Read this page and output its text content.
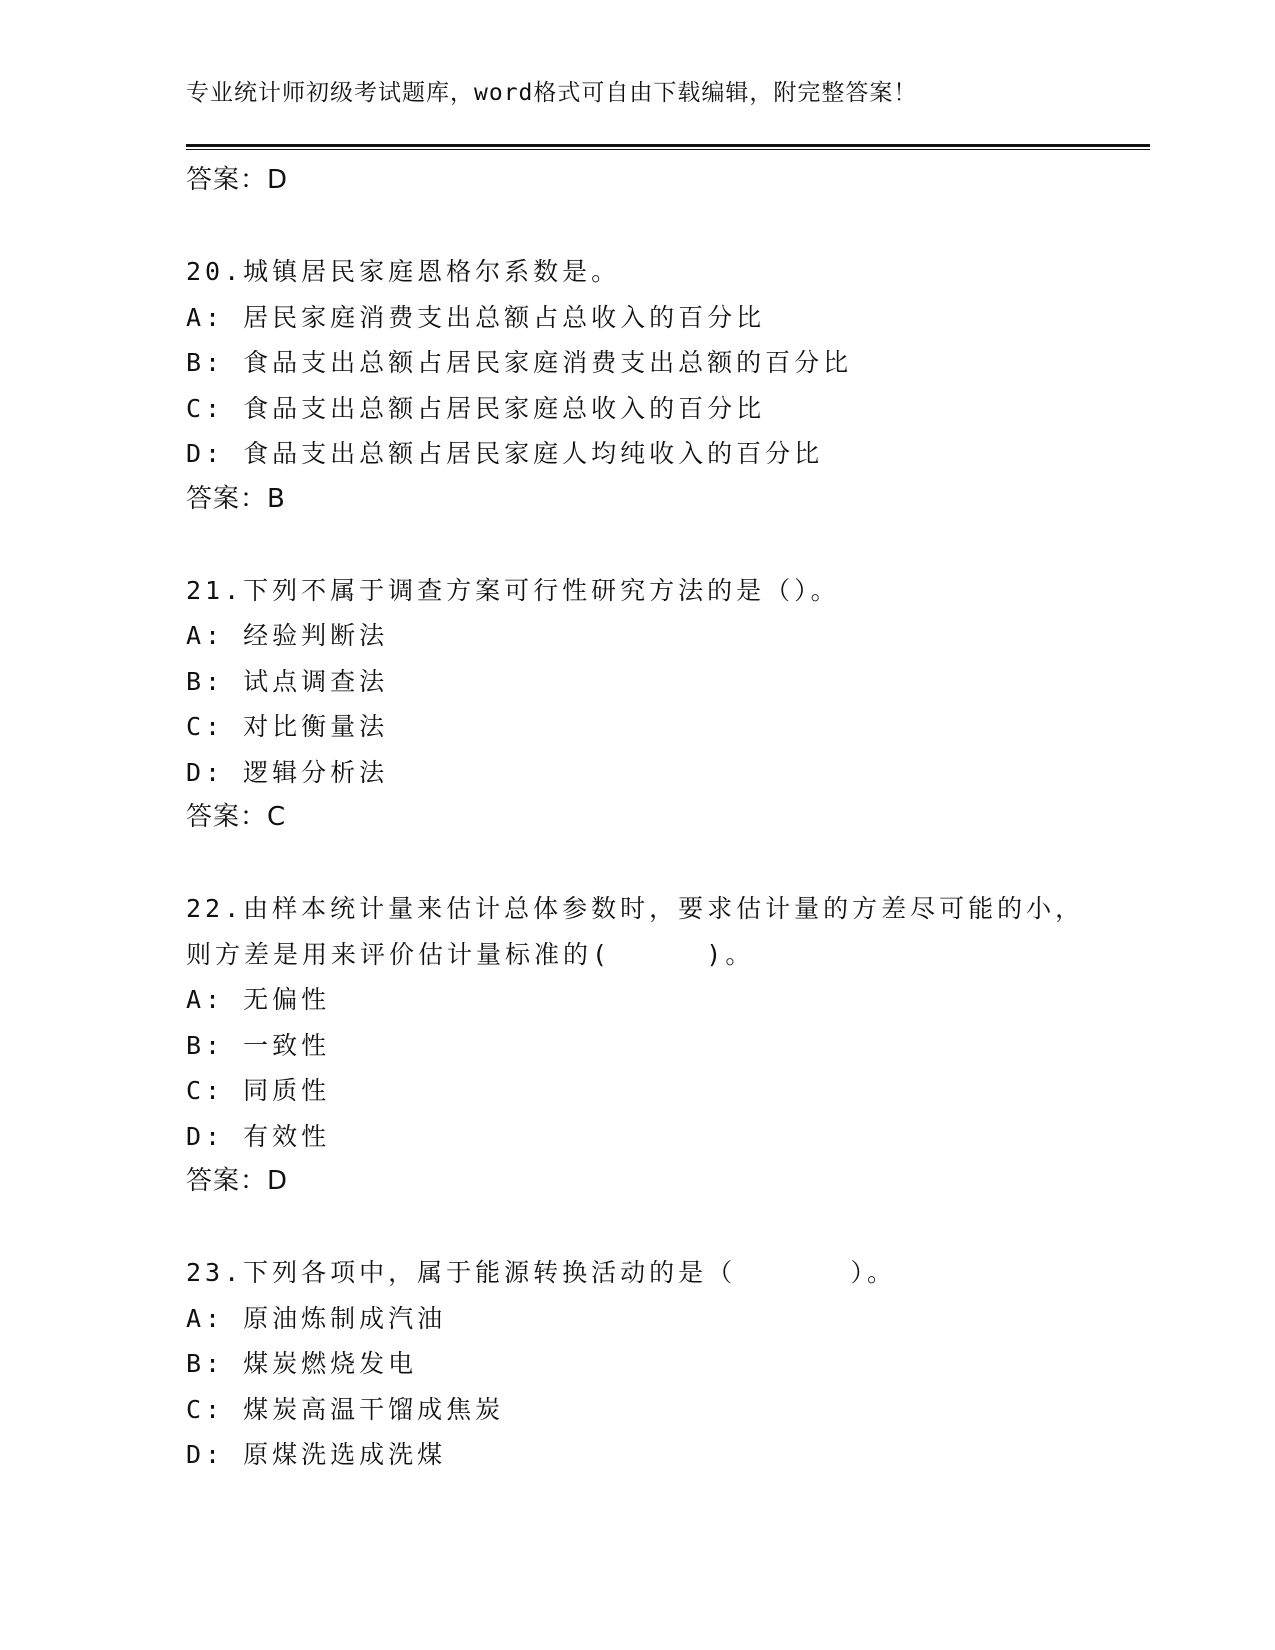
专业统计师初级考试题库，word格式可自由下载编辑，附完整答案！
答案：D
20.城镇居民家庭恩格尔系数是。
A: 居民家庭消费支出总额占总收入的百分比
B: 食品支出总额占居民家庭消费支出总额的百分比
C: 食品支出总额占居民家庭总收入的百分比
D: 食品支出总额占居民家庭人均纯收入的百分比
答案：B
21.下列不属于调查方案可行性研究方法的是（）。
A: 经验判断法
B: 试点调查法
C: 对比衡量法
D: 逻辑分析法
答案：C
22.由样本统计量来估计总体参数时，要求估计量的方差尽可能的小，
则方差是用来评价估计量标准的(     )。
A: 无偏性
B: 一致性
C: 同质性
D: 有效性
答案：D
23.下列各项中，属于能源转换活动的是（      ）。
A: 原油炼制成汽油
B: 煤炭燃烧发电
C: 煤炭高温干馏成焦炭
D: 原煤洗选成洗煤
